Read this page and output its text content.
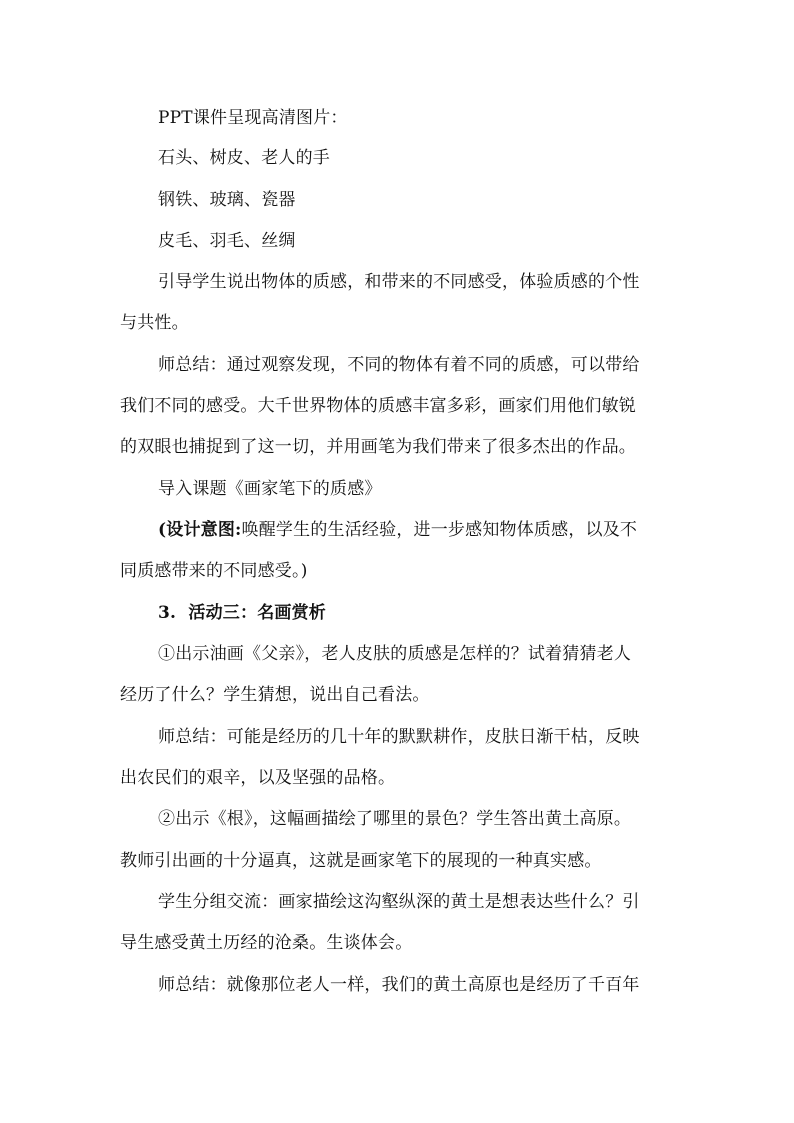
PPT课件呈现高清图片：
石头、树皮、老人的手
钢铁、玻璃、瓷器
皮毛、羽毛、丝绸
引导学生说出物体的质感，和带来的不同感受，体验质感的个性
与共性。
师总结：通过观察发现，不同的物体有着不同的质感，可以带给
我们不同的感受。大千世界物体的质感丰富多彩，画家们用他们敏锐
的双眼也捕捉到了这一切，并用画笔为我们带来了很多杰出的作品。
导入课题《画家笔下的质感》
(设计意图:唤醒学生的生活经验，进一步感知物体质感，以及不
同质感带来的不同感受。)
3. 活动三：名画赏析
①出示油画《父亲》，老人皮肤的质感是怎样的？试着猜猜老人
经历了什么？学生猜想，说出自己看法。
师总结：可能是经历的几十年的默默耕作，皮肤日渐干枯，反映
出农民们的艰辛，以及坚强的品格。
②出示《根》，这幅画描绘了哪里的景色？学生答出黄土高原。
教师引出画的十分逼真，这就是画家笔下的展现的一种真实感。
学生分组交流：画家描绘这沟壑纵深的黄土是想表达些什么？引
导生感受黄土历经的沧桑。生谈体会。
师总结：就像那位老人一样，我们的黄土高原也是经历了千百年
